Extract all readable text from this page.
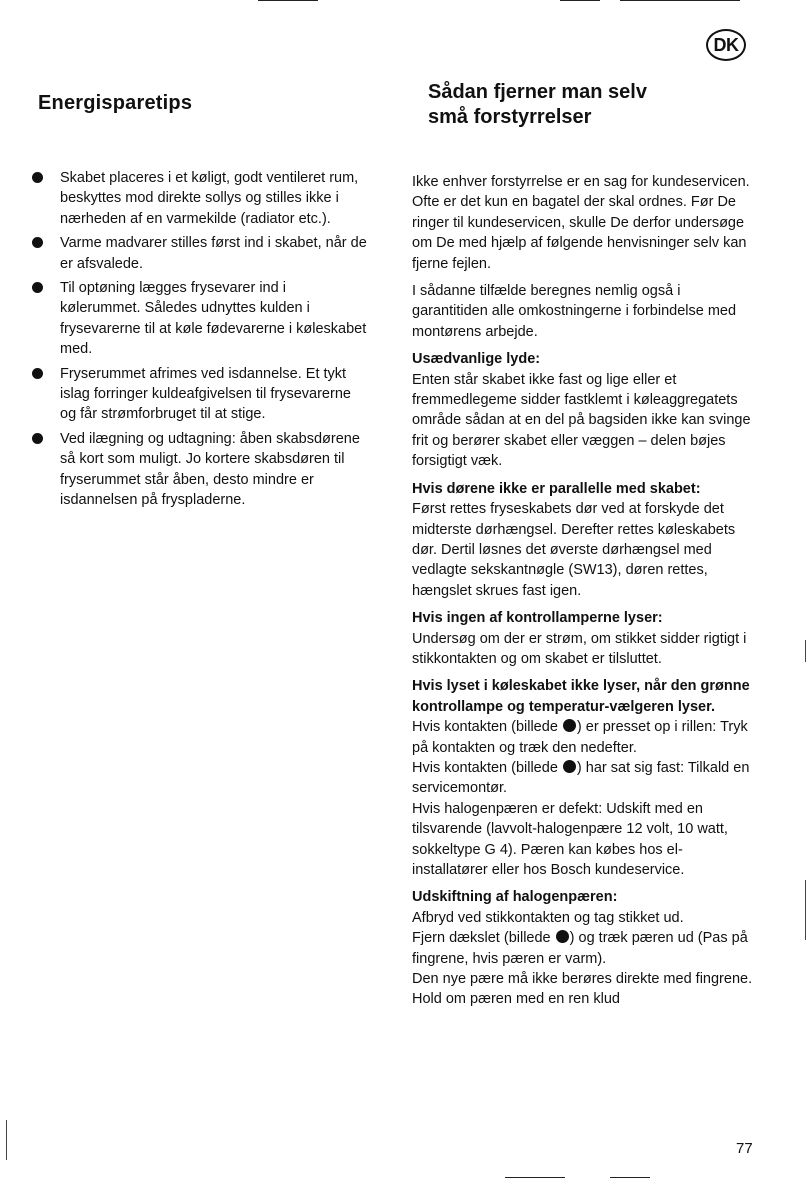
DK
Energisparetips	Sådan fjerner man selv
små forstyrrelser
Skabet placeres i et køligt, godt ventileret rum, beskyttes mod direkte sollys og stilles ikke i nærheden af en varmekilde (radiator etc.).
Varme madvarer stilles først ind i skabet, når de er afsvalede.
Til optøning lægges frysevarer ind i kølerummet. Således udnyttes kulden i frysevarerne til at køle fødevarerne i køleskabet med.
Fryserummet afrimes ved isdannelse. Et tykt islag forringer kuldeafgivelsen til frysevarerne og får strømforbruget til at stige.
Ved ilægning og udtagning: åben skabsdørene så kort som muligt. Jo kortere skabsdøren til fryserummet står åben, desto mindre er isdannelsen på fryspladerne.

Ikke enhver forstyrrelse er en sag for kundeservicen. Ofte er det kun en bagatel der skal ordnes. Før De ringer til kundeservicen, skulle De derfor undersøge om De med hjælp af følgende henvisninger selv kan fjerne fejlen.

I sådanne tilfælde beregnes nemlig også i garantitiden alle omkostningerne i forbindelse med montørens arbejde.

Usædvanlige lyde:
Enten står skabet ikke fast og lige eller et fremmedlegeme sidder fastklemt i køleaggregatets område sådan at en del på bagsiden ikke kan svinge frit og berører skabet eller væggen – delen bøjes forsigtigt væk.

Hvis dørene ikke er parallelle med skabet:
Først rettes fryseskabets dør ved at forskyde det midterste dørhængsel. Derefter rettes køleskabets dør. Dertil løsnes det øverste dørhængsel med vedlagte sekskantnøgle (SW13), døren rettes, hængslet skrues fast igen.

Hvis ingen af kontrollamperne lyser:
Undersøg om der er strøm, om stikket sidder rigtigt i stikkontakten og om skabet er tilsluttet.

Hvis lyset i køleskabet ikke lyser, når den grønne kontrollampe og temperatur-vælgeren lyser.
Hvis kontakten (billede ) er presset op i rillen: Tryk på kontakten og træk den nedefter.
Hvis kontakten (billede ) har sat sig fast: Tilkald en servicemontør.
Hvis halogenpæren er defekt: Udskift med en tilsvarende (lavvolt-halogenpære 12 volt, 10 watt, sokkeltype G 4). Pæren kan købes hos el-installatører eller hos Bosch kundeservice.

Udskiftning af halogenpæren:
Afbryd ved stikkontakten og tag stikket ud.
Fjern dækslet (billede ) og træk pæren ud (Pas på fingrene, hvis pæren er varm).
Den nye pære må ikke berøres direkte med fingrene. Hold om pæren med en ren klud

77
